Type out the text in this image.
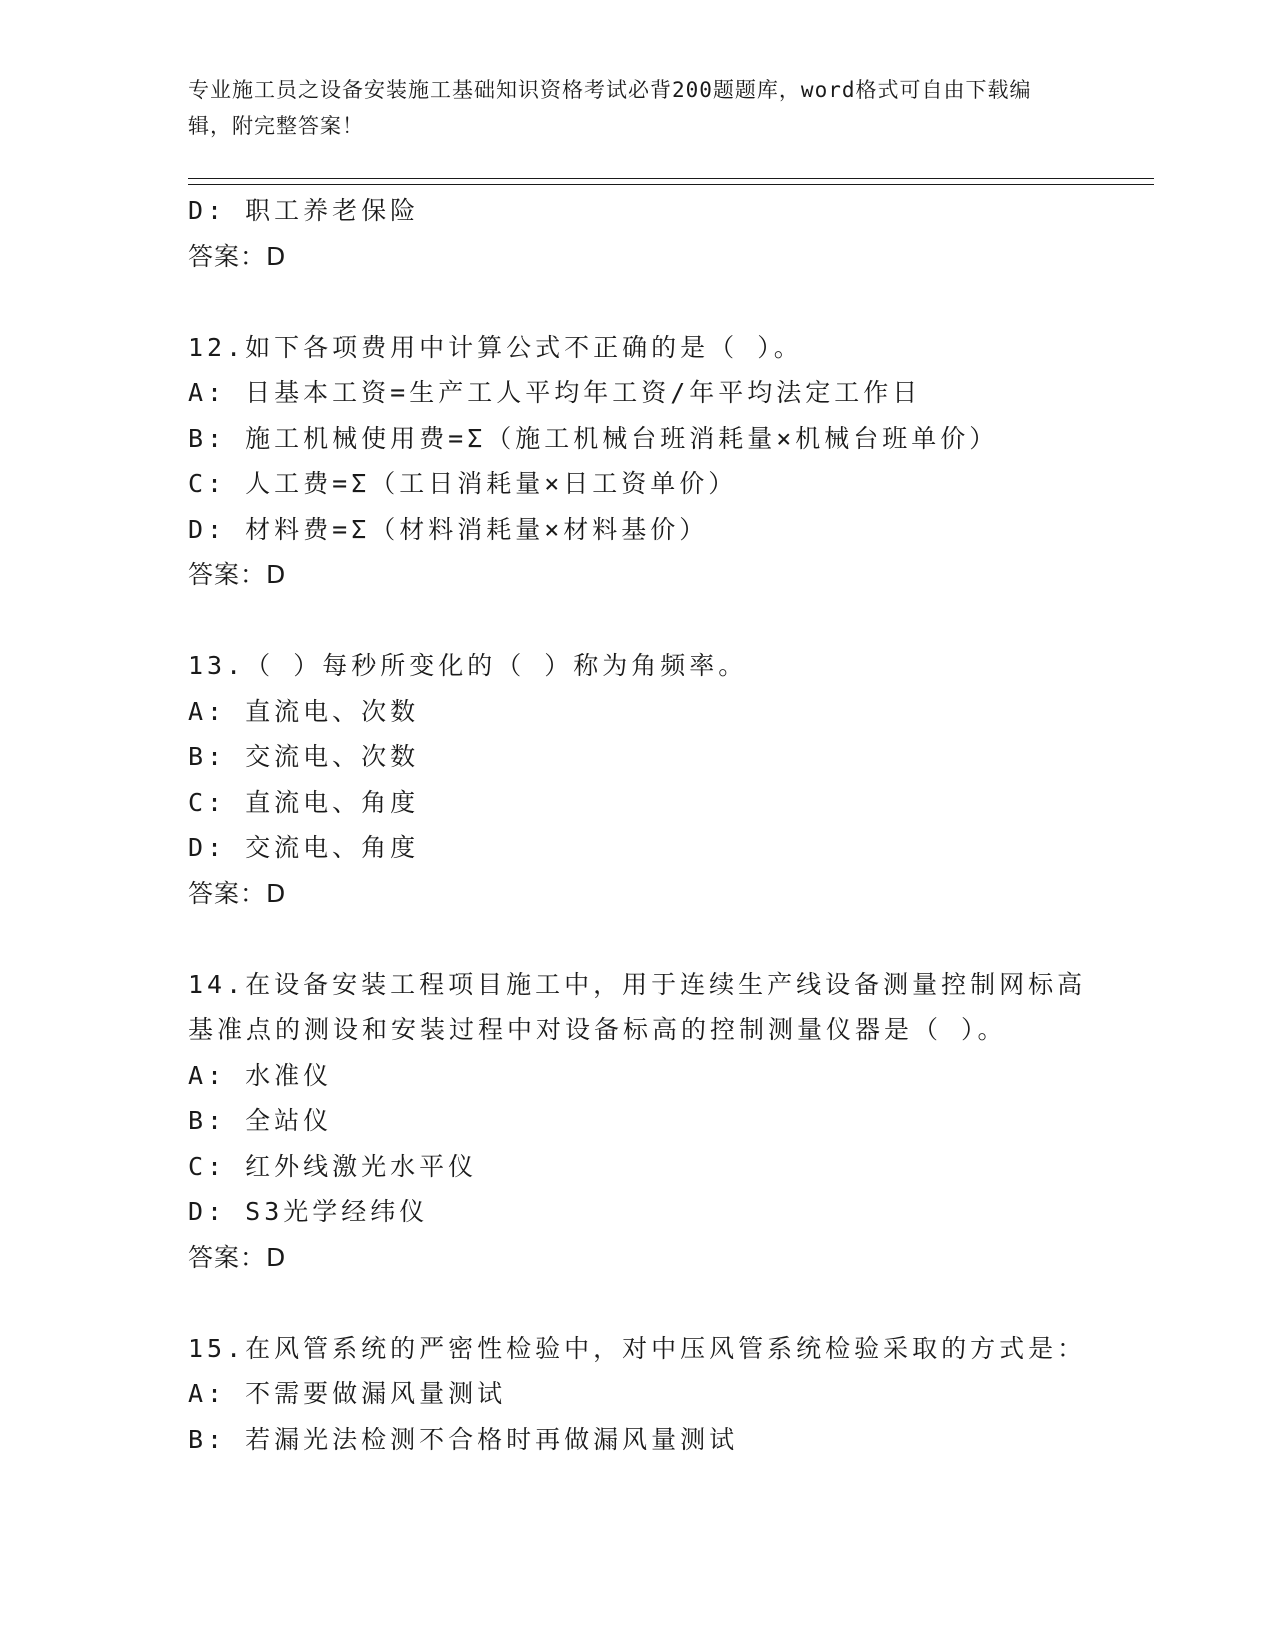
专业施工员之设备安装施工基础知识资格考试必背200题题库，word格式可自由下载编辑，附完整答案！
D: 职工养老保险
答案：D
12.如下各项费用中计算公式不正确的是（ ）。
A: 日基本工资=生产工人平均年工资/年平均法定工作日
B: 施工机械使用费=Σ（施工机械台班消耗量×机械台班单价）
C: 人工费=Σ（工日消耗量×日工资单价）
D: 材料费=Σ（材料消耗量×材料基价）
答案：D
13.（ ）每秒所变化的（ ）称为角频率。
A: 直流电、次数
B: 交流电、次数
C: 直流电、角度
D: 交流电、角度
答案：D
14.在设备安装工程项目施工中，用于连续生产线设备测量控制网标高基准点的测设和安装过程中对设备标高的控制测量仪器是（ ）。
A: 水准仪
B: 全站仪
C: 红外线激光水平仪
D: S3光学经纬仪
答案：D
15.在风管系统的严密性检验中，对中压风管系统检验采取的方式是：
A: 不需要做漏风量测试
B: 若漏光法检测不合格时再做漏风量测试
